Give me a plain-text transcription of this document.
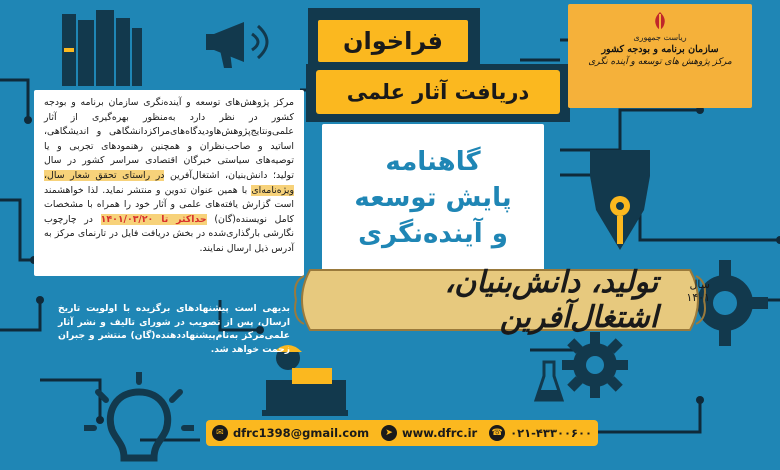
فراخوان
دریافت آثار علمی
ریاست جمهوری
سازمان برنامه و بودجه کشور
مرکز پژوهش های توسعه و آینده نگری
مرکز پژوهش‌های توسعه و آینده‌نگری سازمان برنامه و بودجه کشور در نظر دارد به‌منظور بهره‌گیری از آثار علمی‌ونتایج‌پژوهش‌هاودیدگاه‌های‌مراکز‌دانشگاهی و اندیشگاهی، اساتید و صاحب‌نظران و همچنین رهنمودهای تجربی و یا توصیه‌های سیاستی خبرگان اقتصادی سراسر کشور در سال تولید؛ دانش‌بنیان، اشتغال‌آفرین در راستای تحقق شعار سال، ویژه‌نامه‌ای با همین عنوان تدوین و منتشر نماید. لذا خواهشمند است گزارش یافته‌های علمی و آثار خود را همراه با مشخصات کامل نویسنده(گان) حداکثر تا ۱۴۰۱/۰۳/۲۰ در چارچوب نگارشی بارگذاری‌شده در بخش دریافت فایل در تارنمای مرکز به آدرس ذیل ارسال نمایند.
گاهنامه
پایش توسعه
و آینده‌نگری
سال ۱۴۰۱
تولید، دانش‌بنیان، اشتغال‌آفرین
بدیهی است پیشنهادهای برگزیده با اولویت تاریخ ارسال، پس از تصویب در شورای تالیف و نشر آثار علمی‌مرکز به‌نام‌پیشنهاددهنده(گان) منتشر و جبران زحمت خواهد شد.
✉ dfrc1398@gmail.com	➤ www.dfrc.ir ☎ ۰۲۱-۴۳۳۰۰۶۰۰
